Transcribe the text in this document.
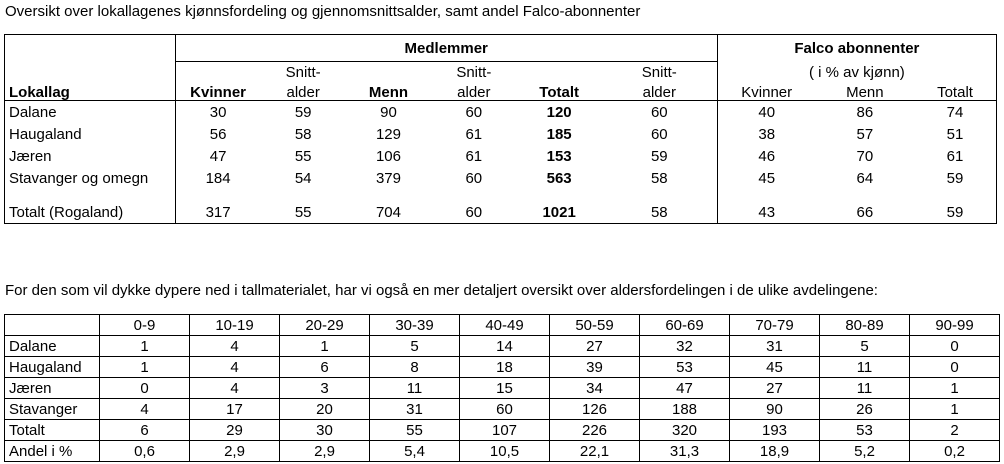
Oversikt over lokallagenes kjønnsfordeling og gjennomsnittsalder, samt andel Falco-abonnenter
	Medlemmer						Falco abonnenter		
		Snitt-		Snitt-		Snitt-	( i % av kjønn)		
Lokallag	Kvinner	alder	Menn	alder	Totalt	alder	Kvinner	Menn	Totalt
Dalane	30	59	90	60	120	60	40	86	74
Haugaland	56	58	129	61	185	60	38	57	51
Jæren	47	55	106	61	153	59	46	70	61
Stavanger og omegn	184	54	379	60	563	58	45	64	59

Totalt (Rogaland)	317	55	704	60	1021	58	43	66	59
For den som vil dykke dypere ned i tallmaterialet, har vi også en mer detaljert oversikt over aldersfordelingen i de ulike avdelingene:
	0-9	10-19	20-29	30-39	40-49	50-59	60-69	70-79	80-89	90-99
Dalane	1	4	1	5	14	27	32	31	5	0
Haugaland	1	4	6	8	18	39	53	45	11	0
Jæren	0	4	3	11	15	34	47	27	11	1
Stavanger	4	17	20	31	60	126	188	90	26	1
Totalt	6	29	30	55	107	226	320	193	53	2
Andel i %	0,6	2,9	2,9	5,4	10,5	22,1	31,3	18,9	5,2	0,2
